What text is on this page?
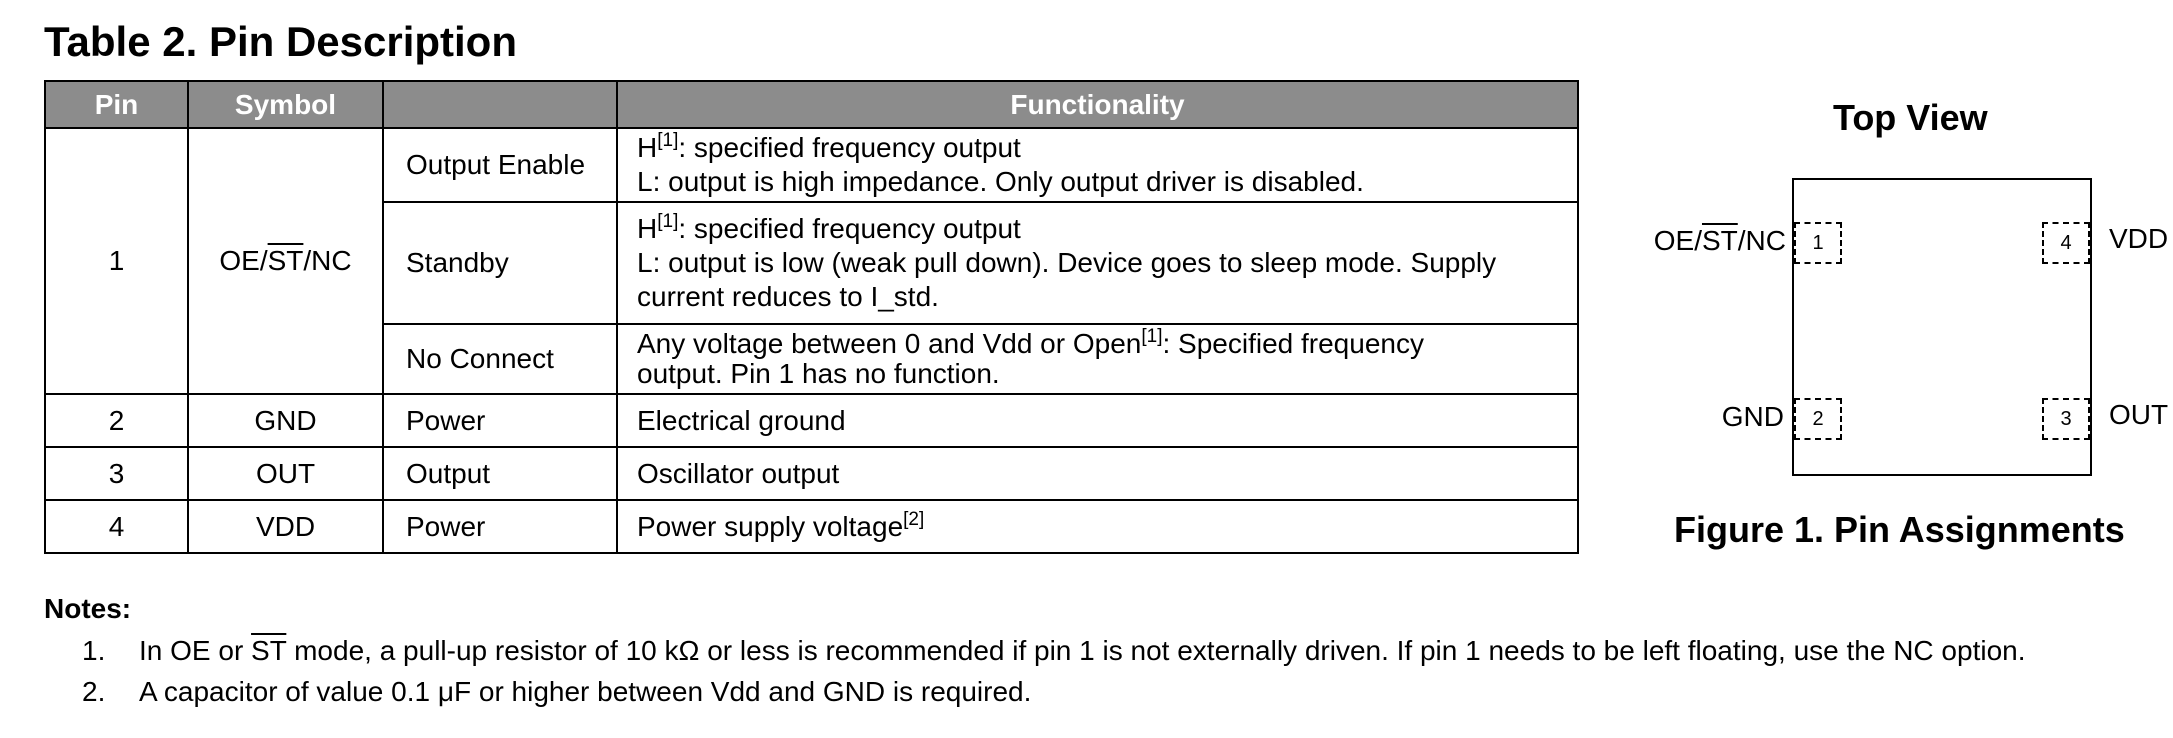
Table 2. Pin Description
Pin	Symbol		Functionality
1	$OE/\overline{ST}/NC$	Output Enable	H[1]: specified frequency output
L: output is high impedance. Only output driver is disabled.

		Standby	H[1]: specified frequency output
L: output is low (weak pull down). Device goes to sleep mode. Supply
current reduces to I_std.

		No Connect	Any voltage between 0 and Vdd or Open[1]: Specified frequency
output. Pin 1 has no function.

2	GND	Power	Electrical ground
3	OUT	Output	Oscillator output
4	VDD	Power	Power supply voltage[2]
Top View
1
2	3
4
$OE/\overline{ST}/NC$
GND	OUT
VDD
Figure 1. Pin Assignments
Notes:
1. In OE or $\overline{ST}$ mode, a pull-up resistor of 10 kΩ or less is recommended if pin 1 is not externally driven. If pin 1 needs to be left floating, use the NC option.
2. A capacitor of value 0.1 μF or higher between Vdd and GND is required.
